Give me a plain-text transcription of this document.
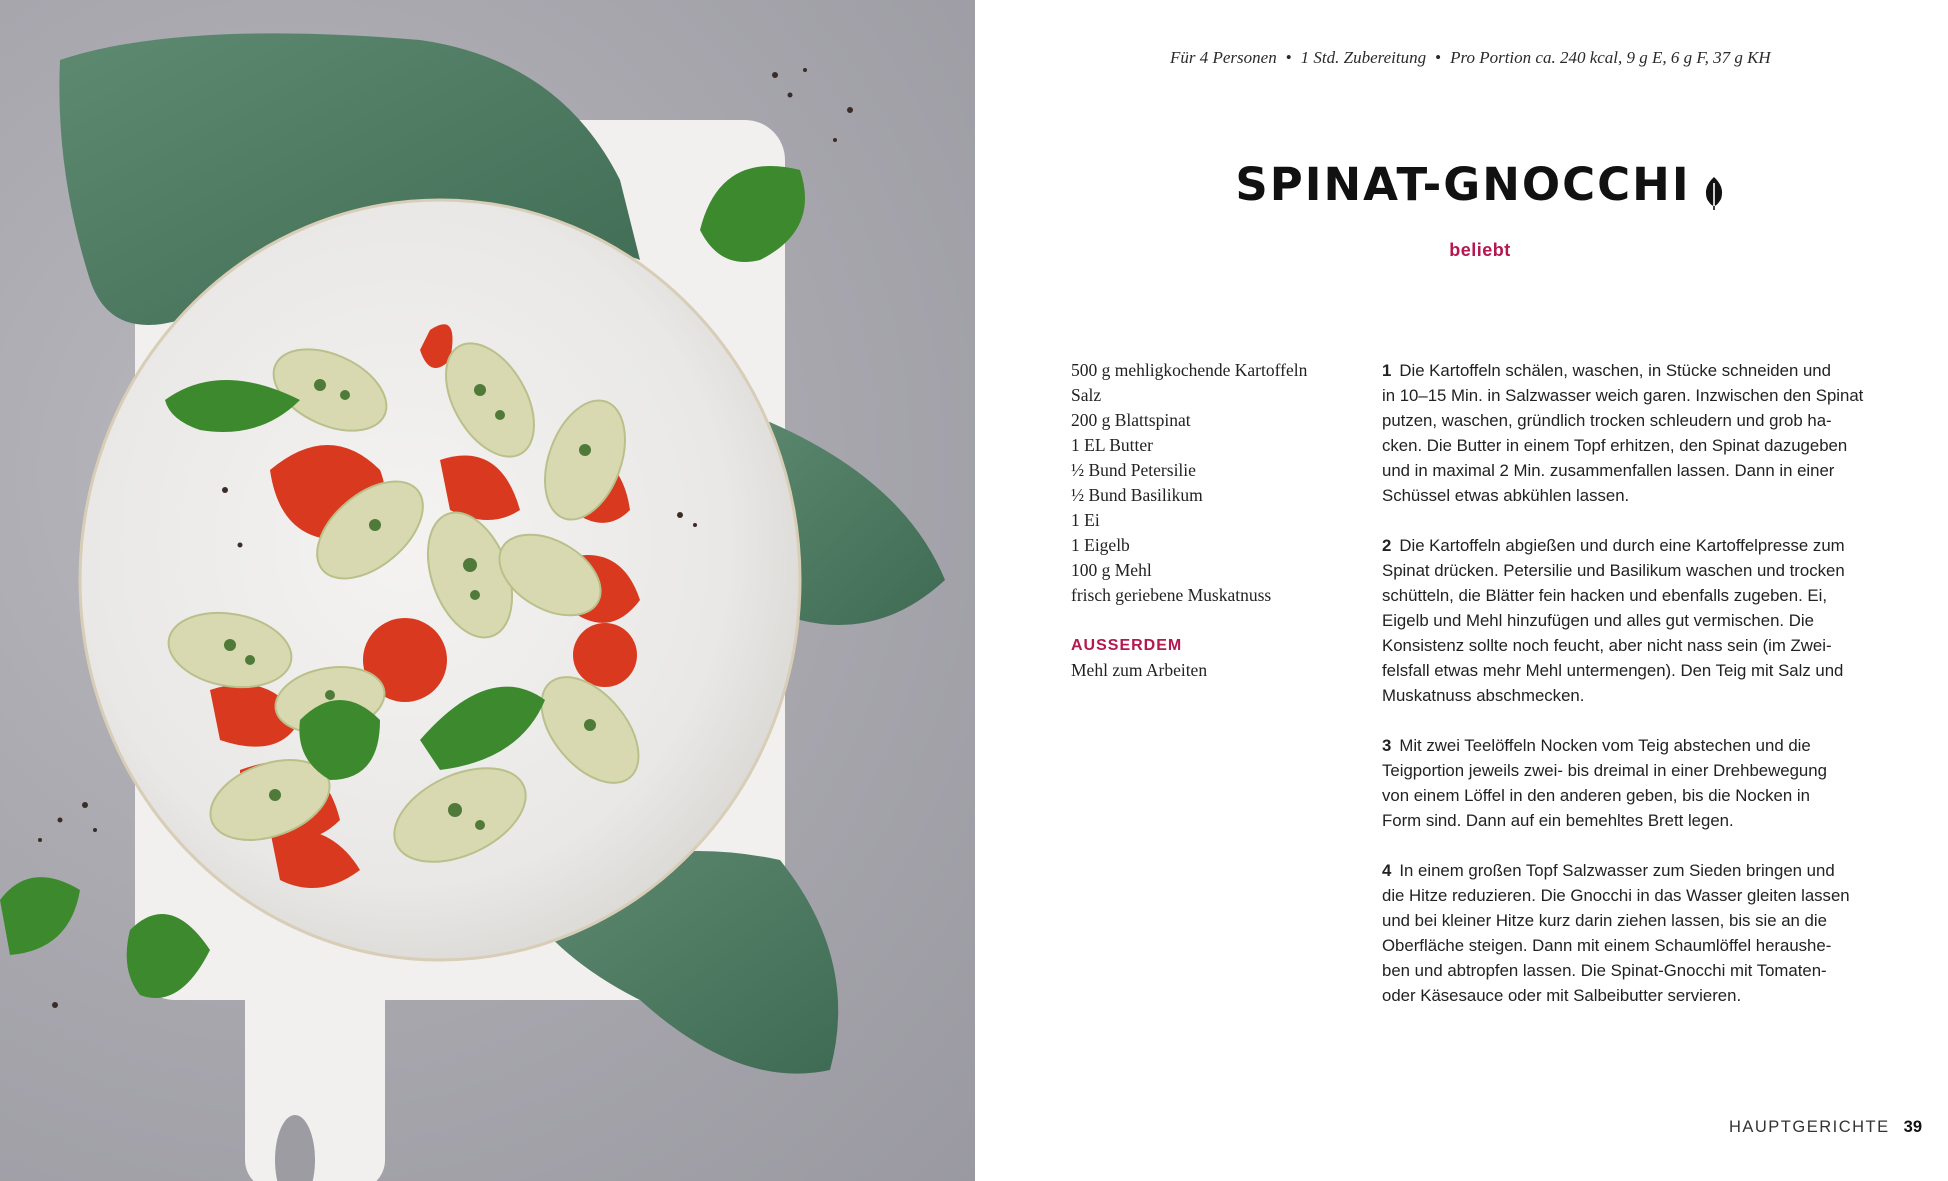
Für 4 Personen • 1 Std. Zubereitung • Pro Portion ca. 240 kcal, 9 g E, 6 g F, 37 g KH
SPINAT-GNOCCHI
beliebt
500 g mehligkochende Kartoffeln
Salz
200 g Blattspinat
1 EL Butter
½ Bund Petersilie
½ Bund Basilikum
1 Ei
1 Eigelb
100 g Mehl
frisch geriebene Muskatnuss
AUSSERDEM
Mehl zum Arbeiten
1 Die Kartoffeln schälen, waschen, in Stücke schneiden und
in 10–15 Min. in Salzwasser weich garen. Inzwischen den Spinat
putzen, waschen, gründlich trocken schleudern und grob ha-
cken. Die Butter in einem Topf erhitzen, den Spinat dazugeben
und in maximal 2 Min. zusammenfallen lassen. Dann in einer
Schüssel etwas abkühlen lassen.
2 Die Kartoffeln abgießen und durch eine Kartoffelpresse zum
Spinat drücken. Petersilie und Basilikum waschen und trocken
schütteln, die Blätter fein hacken und ebenfalls zugeben. Ei,
Eigelb und Mehl hinzufügen und alles gut vermischen. Die
Konsistenz sollte noch feucht, aber nicht nass sein (im Zwei-
felsfall etwas mehr Mehl untermengen). Den Teig mit Salz und
Muskatnuss abschmecken.
3 Mit zwei Teelöffeln Nocken vom Teig abstechen und die
Teigportion jeweils zwei- bis dreimal in einer Drehbewegung
von einem Löffel in den anderen geben, bis die Nocken in
Form sind. Dann auf ein bemehltes Brett legen.
4 In einem großen Topf Salzwasser zum Sieden bringen und
die Hitze reduzieren. Die Gnocchi in das Wasser gleiten lassen
und bei kleiner Hitze kurz darin ziehen lassen, bis sie an die
Oberfläche steigen. Dann mit einem Schaumlöffel heraushe-
ben und abtropfen lassen. Die Spinat-Gnocchi mit Tomaten-
oder Käsesauce oder mit Salbeibutter servieren.
HAUPTGERICHTE 39
